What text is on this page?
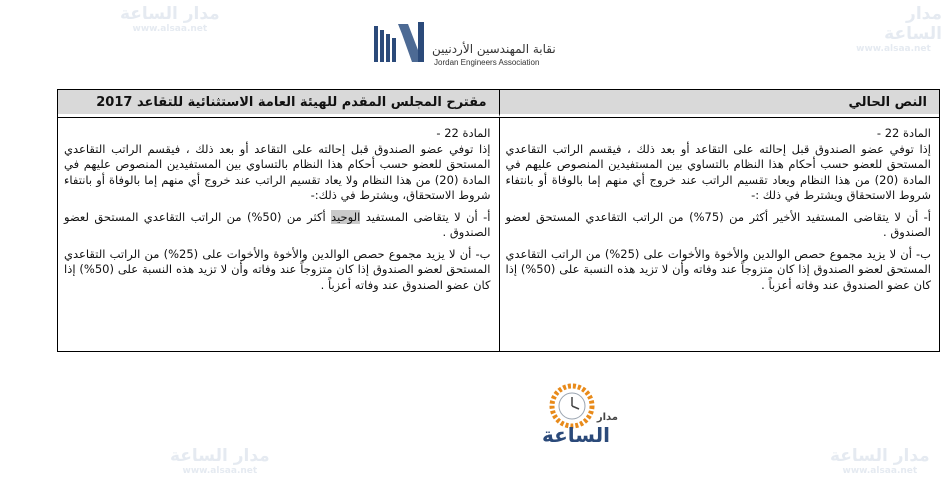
مدار الساعة
www.alsaa.net
مدار الساعة
www.alsaa.net
مدار الساعة
www.alsaa.net
مدار الساعة
www.alsaa.net
نقابة المهندسين الأردنيين
Jordan Engineers Association
النص الحالي
مقترح المجلس المقدم للهيئة العامة الاستثنائية للتقاعد 2017

المادة 22 -

إذا توفي عضو الصندوق قبل إحالته على التقاعد أو بعد ذلك ، فيقسم الراتب التقاعدي المستحق للعضو حسب أحكام هذا النظام بالتساوي بين المستفيدين المنصوص عليهم في المادة (20) من هذا النظام ويعاد تقسيم الراتب عند خروج أي منهم إما بالوفاة أو بانتفاء شروط الاستحقاق ويشترط في ذلك :-

أ- أن لا يتقاضى المستفيد الأخير أكثر من (75%) من الراتب التقاعدي المستحق لعضو الصندوق .

ب- أن لا يزيد مجموع حصص الوالدين والأخوة والأخوات على (25%) من الراتب التقاعدي المستحق لعضو الصندوق إذا كان متزوجاً عند وفاته وأن لا تزيد هذه النسبة على (50%) إذا كان عضو الصندوق عند وفاته أعزباً .

المادة 22 -

إذا توفي عضو الصندوق قبل إحالته على التقاعد أو بعد ذلك ، فيقسم الراتب التقاعدي المستحق للعضو حسب أحكام هذا النظام بالتساوي بين المستفيدين المنصوص عليهم في المادة (20) من هذا النظام ولا يعاد تقسيم الراتب عند خروج أي منهم إما بالوفاة أو بانتفاء شروط الاستحقاق، ويشترط في ذلك:-

أ- أن لا يتقاضى المستفيد الوحيد أكثر من (50%) من الراتب التقاعدي المستحق لعضو الصندوق .

ب- أن لا يزيد مجموع حصص الوالدين والأخوة والأخوات على (25%) من الراتب التقاعدي المستحق لعضو الصندوق إذا كان متزوجاً عند وفاته وأن لا تزيد هذه النسبة على (50%) إذا كان عضو الصندوق عند وفاته أعزباً .

مدار
الساعة
